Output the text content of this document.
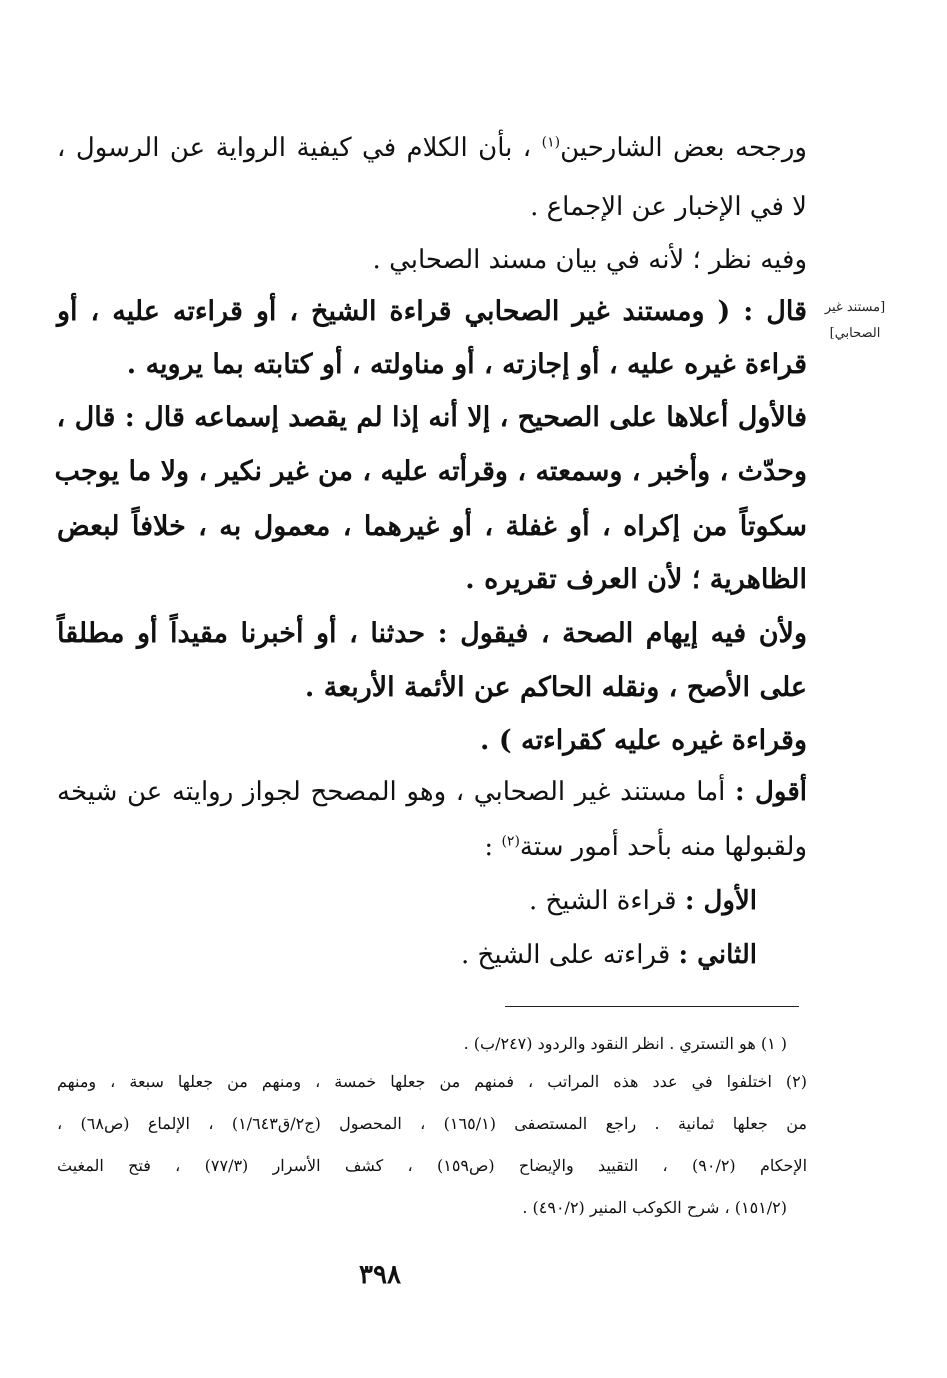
[مستند غير
الصحابي]
ورجحه بعض الشارحين$^{(١)}$ ، بأن الكلام في كيفية الرواية عن الرسول ،
لا في الإخبار عن الإجماع .
وفيه نظر ؛ لأنه في بيان مسند الصحابي .
قال : ( ومستند غير الصحابي قراءة الشيخ ، أو قراءته عليه ، أو
قراءة غيره عليه ، أو إجازته ، أو مناولته ، أو كتابته بما يرويه .
فالأول أعلاها على الصحيح ، إلا أنه إذا لم يقصد إسماعه قال : قال ،
وحدّث ، وأخبر ، وسمعته ، وقرأته عليه ، من غير نكير ، ولا ما يوجب
سكوتاً من إكراه ، أو غفلة ، أو غيرهما ، معمول به ، خلافاً لبعض
الظاهرية ؛ لأن العرف تقريره .
ولأن فيه إيهام الصحة ، فيقول : حدثنا ، أو أخبرنا مقيداً أو مطلقاً
على الأصح ، ونقله الحاكم عن الأئمة الأربعة .
وقراءة غيره عليه كقراءته ) .
أقول : أما مستند غير الصحابي ، وهو المصحح لجواز روايته عن شيخه
ولقبولها منه بأحد أمور ستة$^{(٢)}$ :
الأول : قراءة الشيخ .
الثاني : قراءته على الشيخ .
( ١) هو التستري . انظر النقود والردود (٢٤٧/ب) .
(٢) اختلفوا في عدد هذه المراتب ، فمنهم من جعلها خمسة ، ومنهم من جعلها سبعة ، ومنهم
من جعلها ثمانية . راجع المستصفى (١٦٥/١) ، المحصول (ج٢/ق١/٦٤٣) ، الإلماع (ص٦٨) ،
الإحكام (٩٠/٢) ، التقييد والإيضاح (ص١٥٩) ، كشف الأسرار (٧٧/٣) ، فتح المغيث
(١٥١/٢) ، شرح الكوكب المنير (٤٩٠/٢) .
٣٩٨
